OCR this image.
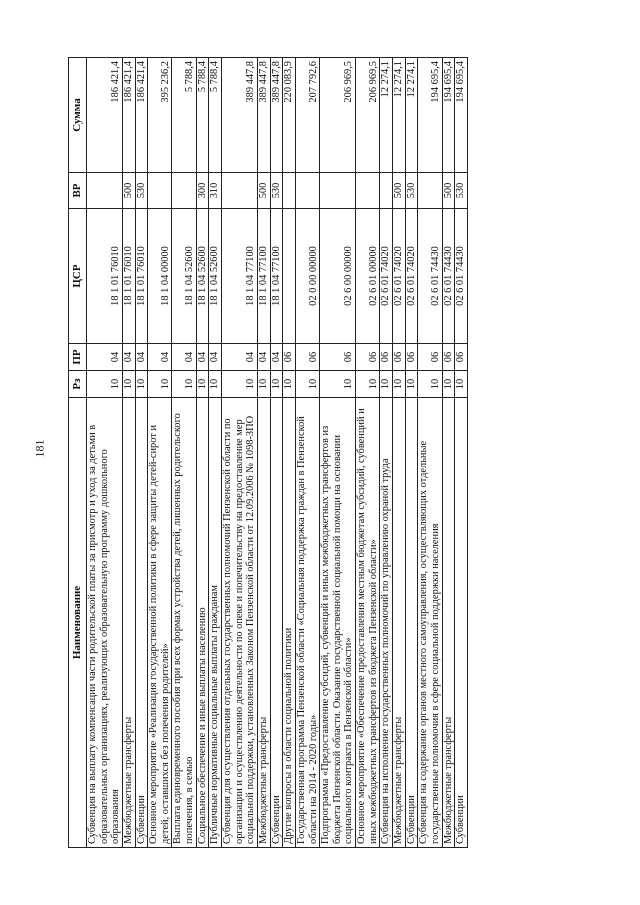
181
Наименование	Рз	ПР	ЦСР	ВР	Сумма
Субвенция на выплату компенсации части родительской платы за присмотр и уход за детьми в образовательных организациях, реализующих образовательную программу дошкольного образования	10	04	18 1 01 76010		186 421,4
Межбюджетные трансферты	10	04	18 1 01 76010	500	186 421,4
Субвенции	10	04	18 1 01 76010	530	186 421,4
Основное мероприятие «Реализация государственной политики в сфере защиты детей-сирот и детей, оставшихся без попечения родителей»	10	04	18 1 04 00000		395 236,2
Выплата единовременного пособия при всех формах устройства детей, лишенных родительского попечения, в семью	10	04	18 1 04 52600		5 788,4
Социальное обеспечение и иные выплаты населению	10	04	18 1 04 52600	300	5 788,4
Публичные нормативные социальные выплаты гражданам	10	04	18 1 04 52600	310	5 788,4
Субвенция для осуществления отдельных государственных полномочий Пензенской области по организации и осуществлению деятельности по опеке и попечительству на предоставление мер социальной поддержки, установленных Законом Пензенской области от 12.09.2006 № 1098-ЗПО	10	04	18 1 04 77100		389 447,8
Межбюджетные трансферты	10	04	18 1 04 77100	500	389 447,8
Субвенции	10	04	18 1 04 77100	530	389 447,8
Другие вопросы в области социальной политики	10	06			220 083,9
Государственная программа Пензенской области «Социальная поддержка граждан в Пензенской области на 2014 - 2020 годы»	10	06	02 0 00 00000		207 792,6
Подпрограмма «Предоставление субсидий, субвенций и иных межбюджетных трансфертов из бюджета Пензенской области. Оказание государственной социальной помощи на основании социального контракта в Пензенской области»	10	06	02 6 00 00000		206 969,5
Основное мероприятие «Обеспечение предоставления местным бюджетам субсидий, субвенций и иных межбюджетных трансфертов из бюджета Пензенской области»	10	06	02 6 01 00000		206 969,5
Субвенция на исполнение государственных полномочий по управлению охраной труда	10	06	02 6 01 74020		12 274,1
Межбюджетные трансферты	10	06	02 6 01 74020	500	12 274,1
Субвенции	10	06	02 6 01 74020	530	12 274,1
Субвенция на содержание органов местного самоуправления, осуществляющих отдельные государственные полномочия в сфере социальной поддержки населения	10	06	02 6 01 74430		194 695,4
Межбюджетные трансферты	10	06	02 6 01 74430	500	194 695,4
Субвенции	10	06	02 6 01 74430	530	194 695,4
